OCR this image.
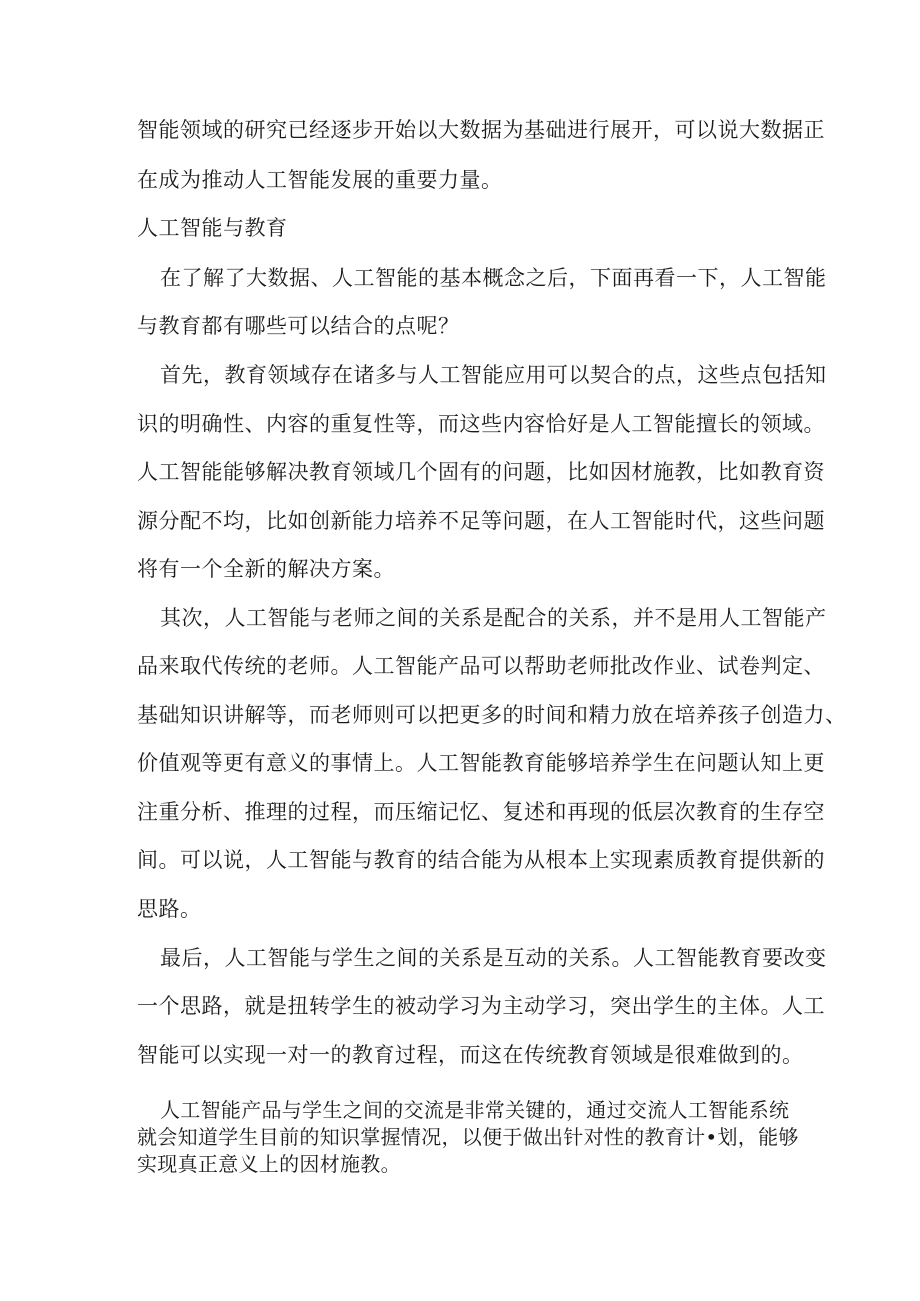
智能领域的研究已经逐步开始以大数据为基础进行展开，可以说大数据正
在成为推动人工智能发展的重要力量。
人工智能与教育
在了解了大数据、人工智能的基本概念之后，下面再看一下，人工智能
与教育都有哪些可以结合的点呢？
首先，教育领域存在诸多与人工智能应用可以契合的点，这些点包括知
识的明确性、内容的重复性等，而这些内容恰好是人工智能擅长的领域。
人工智能能够解决教育领域几个固有的问题，比如因材施教，比如教育资
源分配不均，比如创新能力培养不足等问题，在人工智能时代，这些问题
将有一个全新的解决方案。
其次，人工智能与老师之间的关系是配合的关系，并不是用人工智能产
品来取代传统的老师。人工智能产品可以帮助老师批改作业、试卷判定、
基础知识讲解等，而老师则可以把更多的时间和精力放在培养孩子创造力、
价值观等更有意义的事情上。人工智能教育能够培养学生在问题认知上更
注重分析、推理的过程，而压缩记忆、复述和再现的低层次教育的生存空
间。可以说，人工智能与教育的结合能为从根本上实现素质教育提供新的
思路。
最后，人工智能与学生之间的关系是互动的关系。人工智能教育要改变
一个思路，就是扭转学生的被动学习为主动学习，突出学生的主体。人工
智能可以实现一对一的教育过程，而这在传统教育领域是很难做到的。
人工智能产品与学生之间的交流是非常关键的，通过交流人工智能系统
就会知道学生目前的知识掌握情况，以便于做出针对性的教育计•划，能够
实现真正意义上的因材施教。
